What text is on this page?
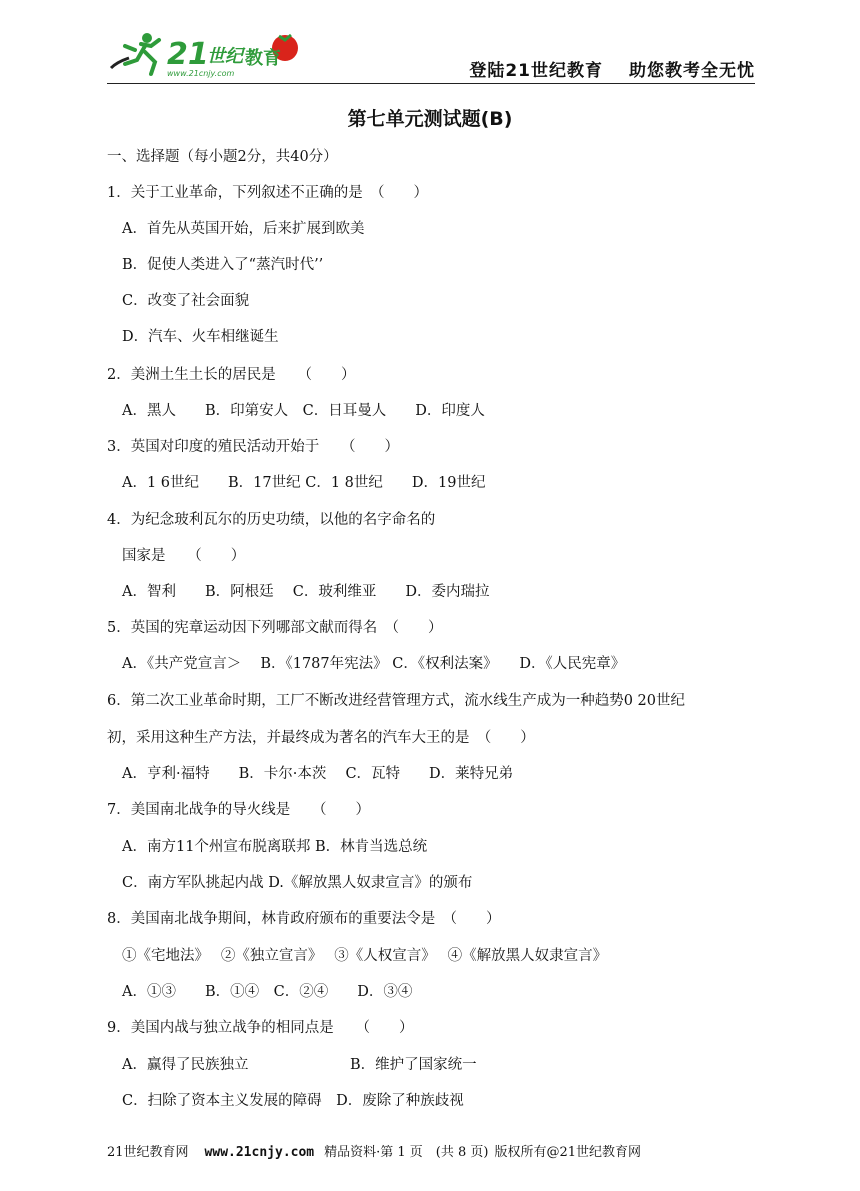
21
世纪 教育
www.21cnjy.com	登陆21世纪教育 助您教考全无忧
第七单元测试题(B)
一、选择题（每小题2分，共40分）
1．关于工业革命，下列叙述不正确的是　（　　）
A．首先从英国开始，后来扩展到欧美
B．促使人类进入了“蒸汽时代’’
C．改变了社会面貌
D．汽车、火车相继诞生
2．美洲土生土长的居民是　　（　　）
A．黑人　　B．印第安人　C．日耳曼人　　D．印度人
3．英国对印度的殖民活动开始于　　（　　）
A．1 6世纪　　B．17世纪 C．1 8世纪　　D．19世纪
4．为纪念玻利瓦尔的历史功绩，以他的名字命名的
国家是　　（　　）
A．智利　　B．阿根廷　 C．玻利维亚　　D．委内瑞拉
5．英国的宪章运动因下列哪部文献而得名　（　　）
A．《共产党宣言＞　 B．《1787年宪法》 C．《权利法案》　　D．《人民宪章》
6．第二次工业革命时期，工厂不断改进经营管理方式，流水线生产成为一种趋势0 20世纪
初，采用这种生产方法，并最终成为著名的汽车大王的是　（　　）
A．亨利·福特　　B．卡尔·本茨　 C．瓦特　　D．莱特兄弟
7．美国南北战争的导火线是　　（　　）
A．南方11个州宣布脱离联邦 B．林肯当选总统
C．南方军队挑起内战 D.《解放黑人奴隶宣言》的颁布
8．美国南北战争期间，林肯政府颁布的重要法令是　（　　）
①《宅地法》　 ②《独立宣言》　 ③《人权宣言》　 ④《解放黑人奴隶宣言》
A．①③　　B．①④　C．②④　　D．③④
9．美国内战与独立战争的相同点是　　（　　）
A．赢得了民族独立　　　　　　　B．维护了国家统一
C．扫除了资本主义发展的障碍　D．废除了种族歧视
21世纪教育网 www.21cnjy.com 精品资料·第 1 页　(共 8 页) 版权所有@21世纪教育网
